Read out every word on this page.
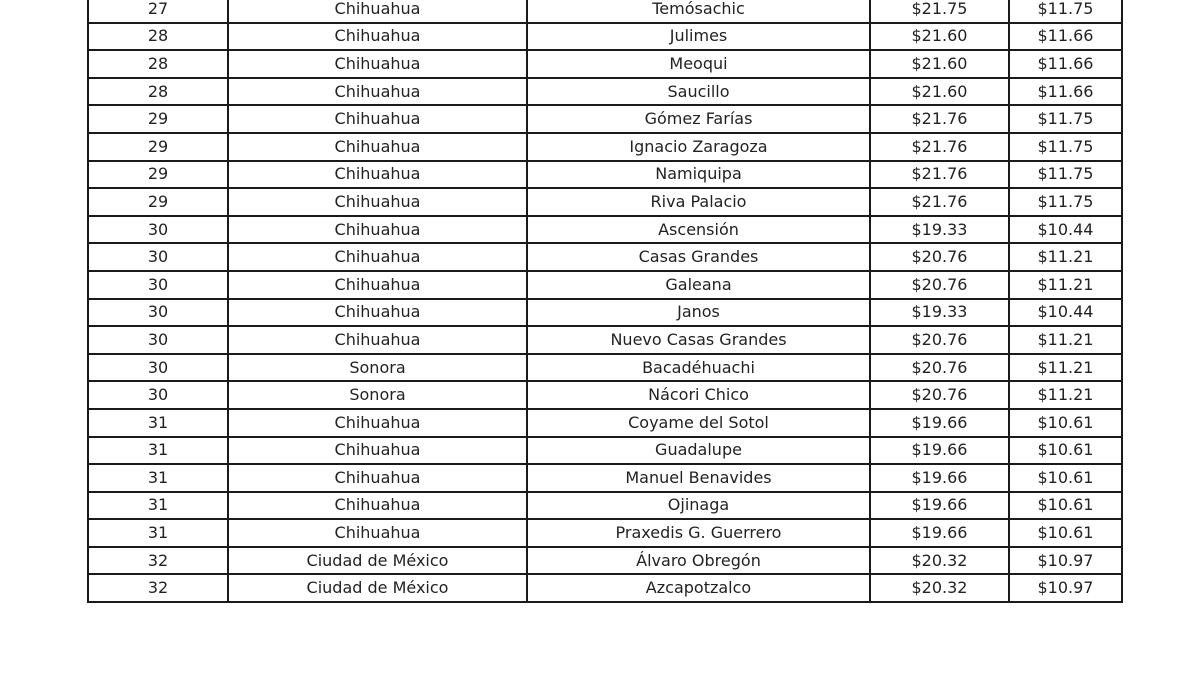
27	Chihuahua	Temósachic	$21.75	$11.75
28	Chihuahua	Julimes	$21.60	$11.66
28	Chihuahua	Meoqui	$21.60	$11.66
28	Chihuahua	Saucillo	$21.60	$11.66
29	Chihuahua	Gómez Farías	$21.76	$11.75
29	Chihuahua	Ignacio Zaragoza	$21.76	$11.75
29	Chihuahua	Namiquipa	$21.76	$11.75
29	Chihuahua	Riva Palacio	$21.76	$11.75
30	Chihuahua	Ascensión	$19.33	$10.44
30	Chihuahua	Casas Grandes	$20.76	$11.21
30	Chihuahua	Galeana	$20.76	$11.21
30	Chihuahua	Janos	$19.33	$10.44
30	Chihuahua	Nuevo Casas Grandes	$20.76	$11.21
30	Sonora	Bacadéhuachi	$20.76	$11.21
30	Sonora	Nácori Chico	$20.76	$11.21
31	Chihuahua	Coyame del Sotol	$19.66	$10.61
31	Chihuahua	Guadalupe	$19.66	$10.61
31	Chihuahua	Manuel Benavides	$19.66	$10.61
31	Chihuahua	Ojinaga	$19.66	$10.61
31	Chihuahua	Praxedis G. Guerrero	$19.66	$10.61
32	Ciudad de México	Álvaro Obregón	$20.32	$10.97
32	Ciudad de México	Azcapotzalco	$20.32	$10.97
